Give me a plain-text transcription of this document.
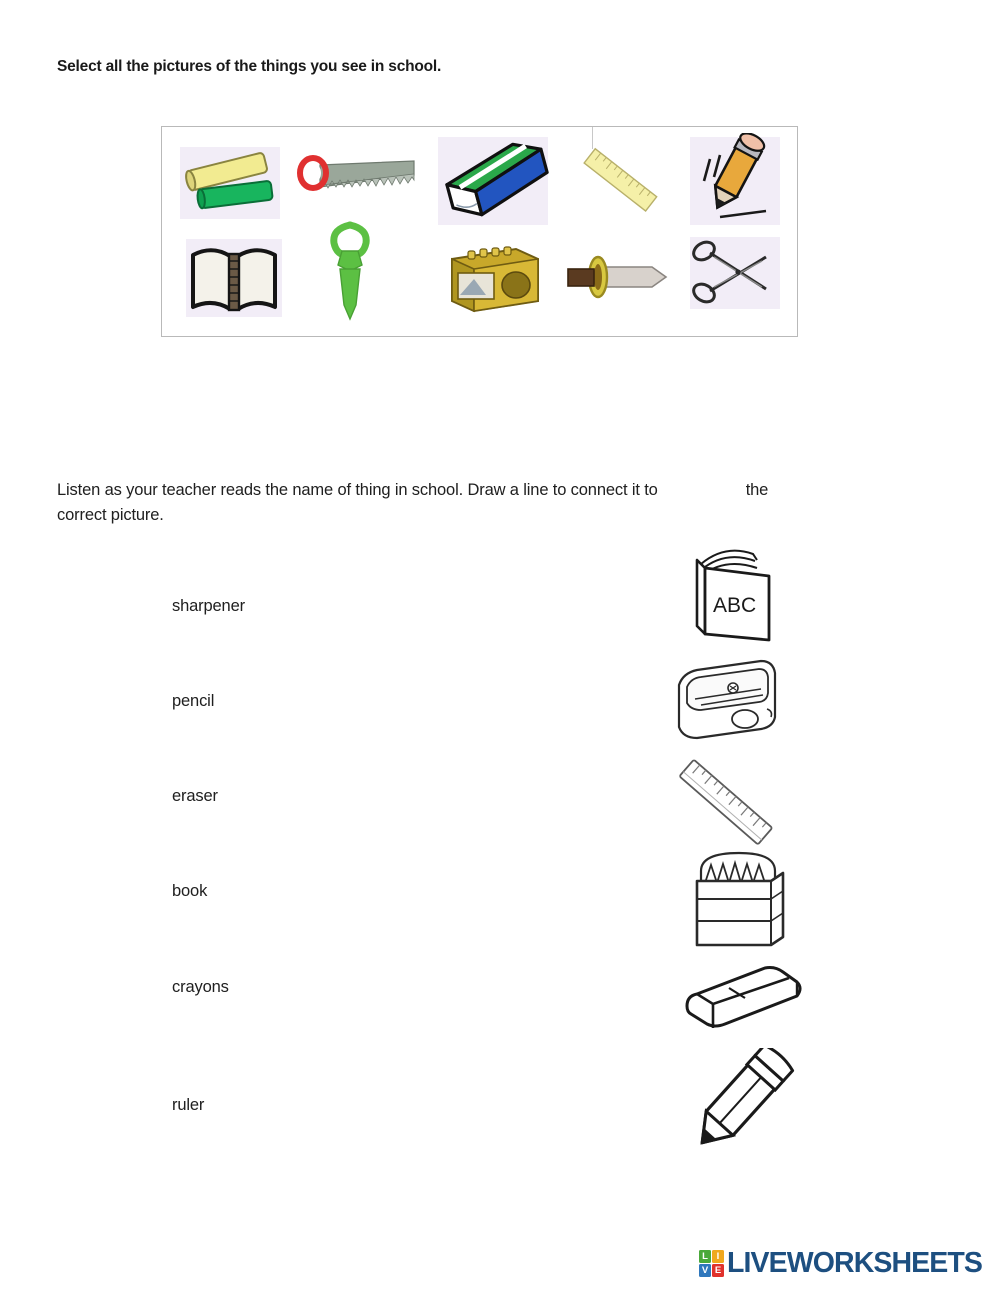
Select all the pictures of the things you see in school.
Listen as your teacher reads the name of thing in school. Draw a line to connect it to	the
correct picture.
sharpener
pencil
eraser
book
crayons
ruler
ABC
L I
V E LIVEWORKSHEETS
